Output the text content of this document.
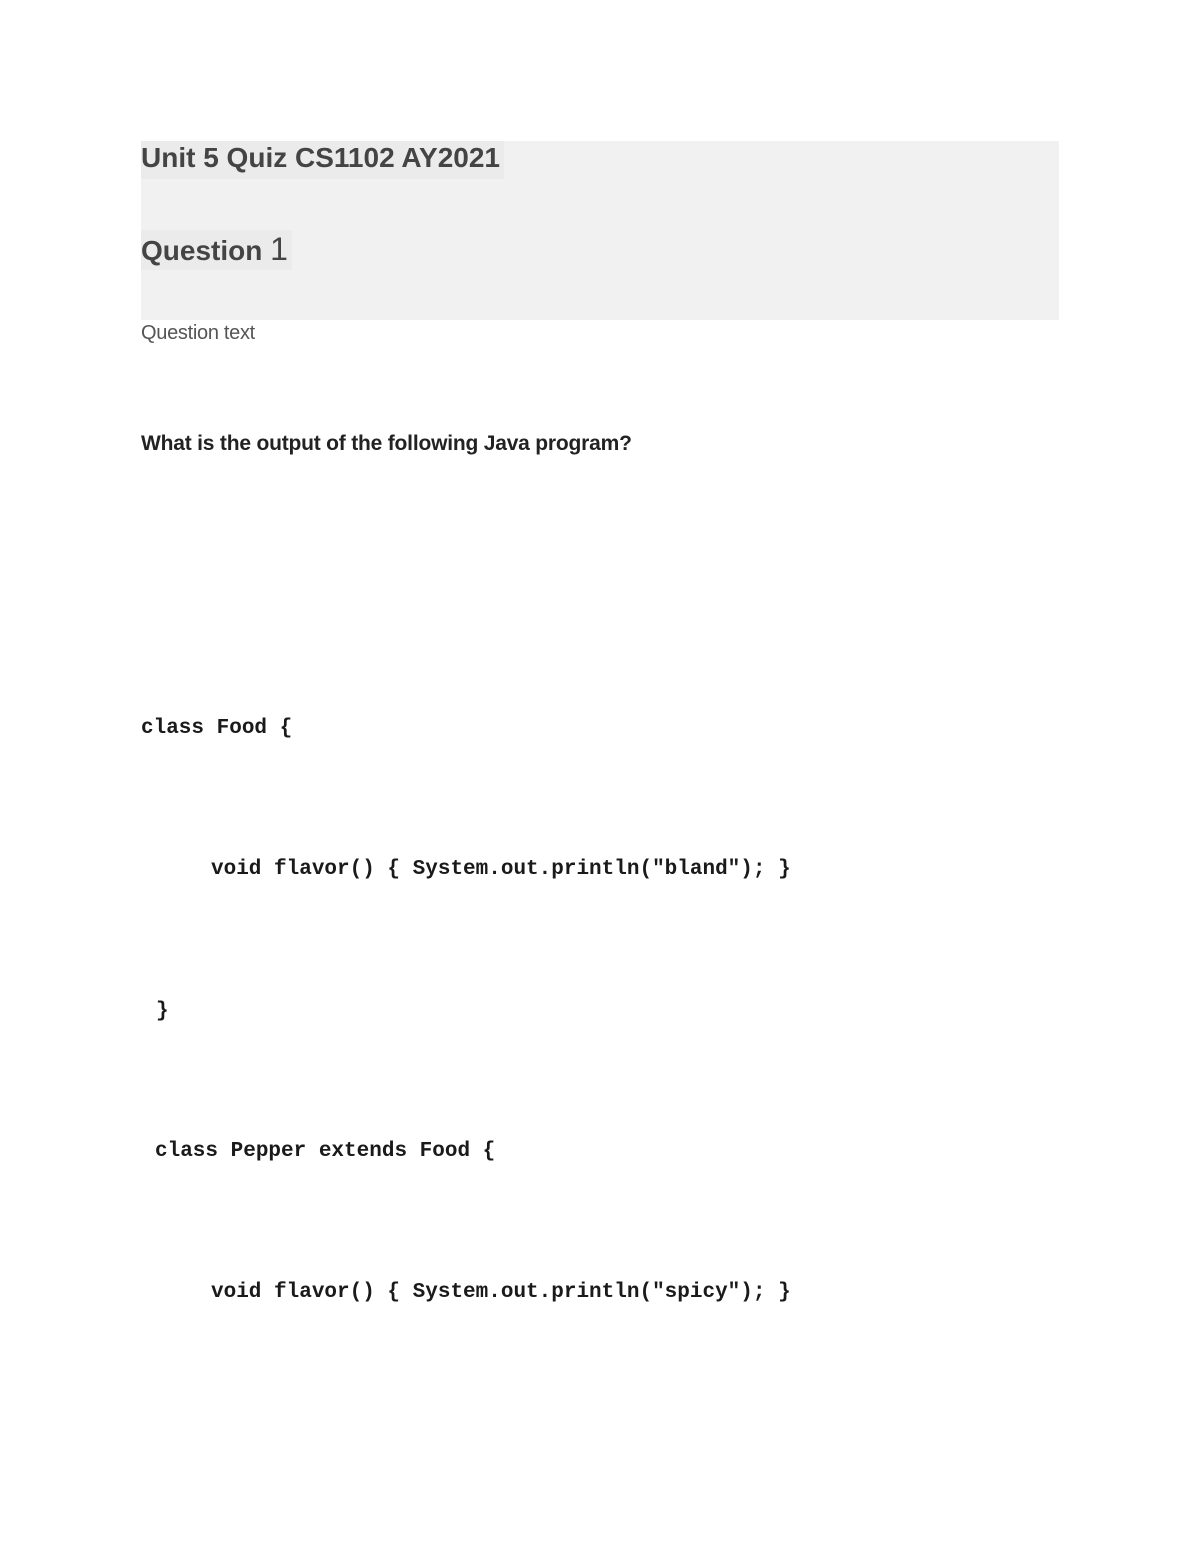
Unit 5 Quiz CS1102 AY2021
Question 1

Question text

What is the output of the following Java program?

class Food {
void flavor() { System.out.println("bland"); }
}
class Pepper extends Food {
void flavor() { System.out.println("spicy"); }
